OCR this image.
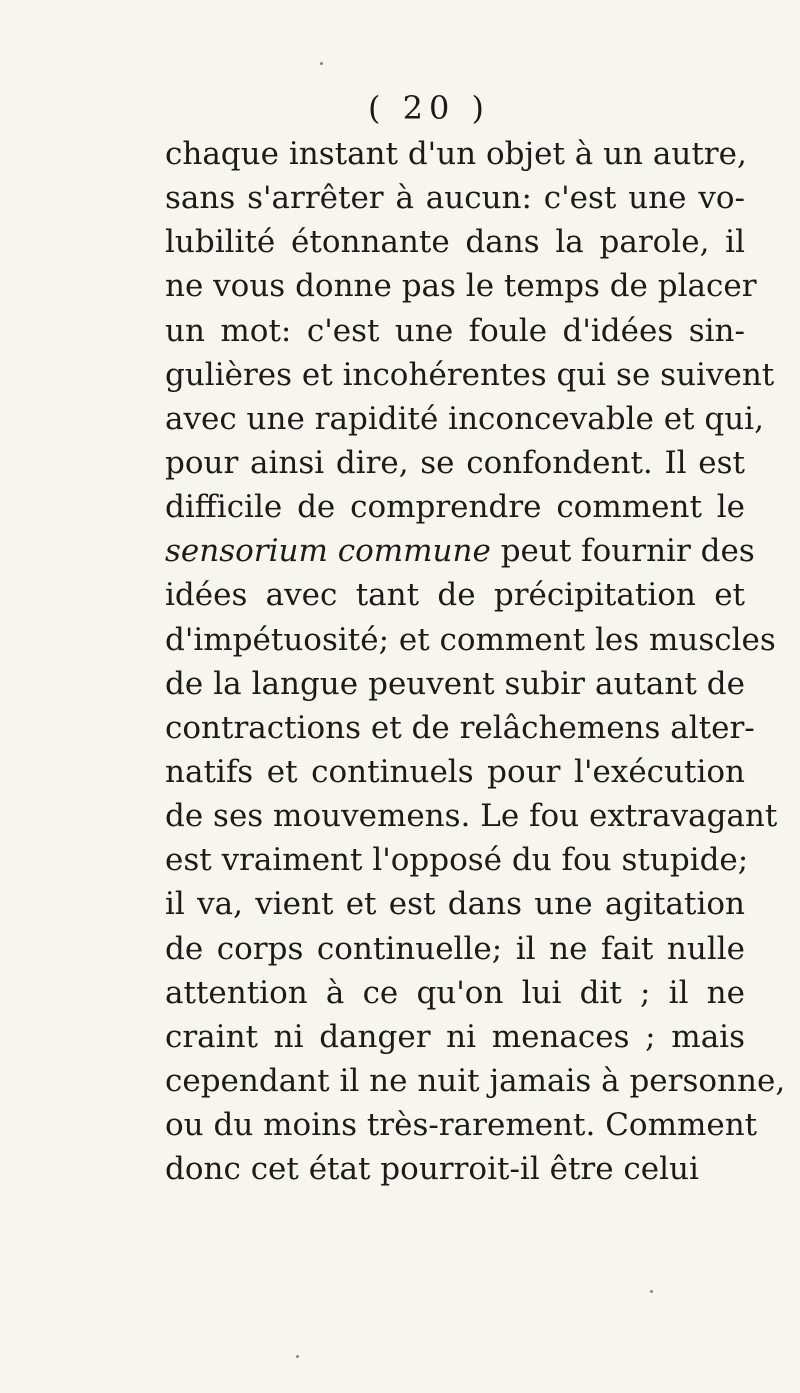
( 20 )
chaque instant d'un objet à un autre,
sans s'arrêter à aucun: c'est une vo-
lubilité étonnante dans la parole, il
ne vous donne pas le temps de placer
un mot: c'est une foule d'idées sin-
gulières et incohérentes qui se suivent
avec une rapidité inconcevable et qui,
pour ainsi dire, se confondent. Il est
difficile de comprendre comment le
sensorium commune peut fournir des
idées avec tant de précipitation et
d'impétuosité; et comment les muscles
de la langue peuvent subir autant de
contractions et de relâchemens alter-
natifs et continuels pour l'exécution
de ses mouvemens. Le fou extravagant
est vraiment l'opposé du fou stupide;
il va, vient et est dans une agitation
de corps continuelle; il ne fait nulle
attention à ce qu'on lui dit ; il ne
craint ni danger ni menaces ; mais
cependant il ne nuit jamais à personne,
ou du moins très-rarement. Comment
donc cet état pourroit-il être celui
